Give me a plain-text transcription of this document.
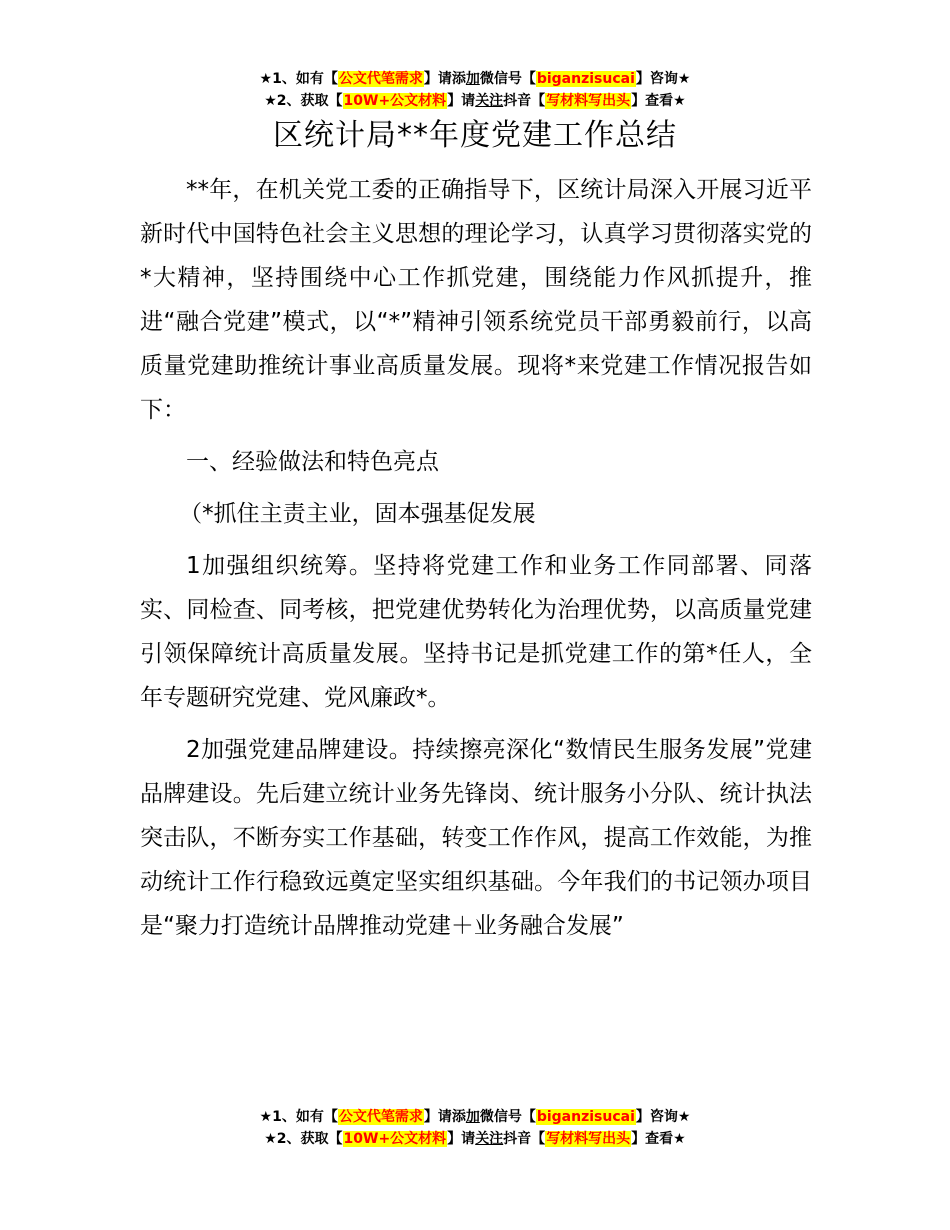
★1、如有【公文代笔需求】请添加微信号【biganzisucai】咨询★
★2、获取【10W+公文材料】请关注抖音【写材料写出头】查看★
区统计局**年度党建工作总结

**年，在机关党工委的正确指导下，区统计局深入开展习近平新时代中国特色社会主义思想的理论学习，认真学习贯彻落实党的*大精神，坚持围绕中心工作抓党建，围绕能力作风抓提升，推进“融合党建”模式，以“*”精神引领系统党员干部勇毅前行，以高质量党建助推统计事业高质量发展。现将*来党建工作情况报告如下：

一、经验做法和特色亮点

（*抓住主责主业，固本强基促发展

1加强组织统筹。坚持将党建工作和业务工作同部署、同落实、同检查、同考核，把党建优势转化为治理优势，以高质量党建引领保障统计高质量发展。坚持书记是抓党建工作的第*任人，全年专题研究党建、党风廉政*。

2加强党建品牌建设。持续擦亮深化“数情民生服务发展”党建品牌建设。先后建立统计业务先锋岗、统计服务小分队、统计执法突击队，不断夯实工作基础，转变工作作风，提高工作效能，为推动统计工作行稳致远奠定坚实组织基础。今年我们的书记领办项目是“聚力打造统计品牌推动党建＋业务融合发展”

★1、如有【公文代笔需求】请添加微信号【biganzisucai】咨询★
★2、获取【10W+公文材料】请关注抖音【写材料写出头】查看★
